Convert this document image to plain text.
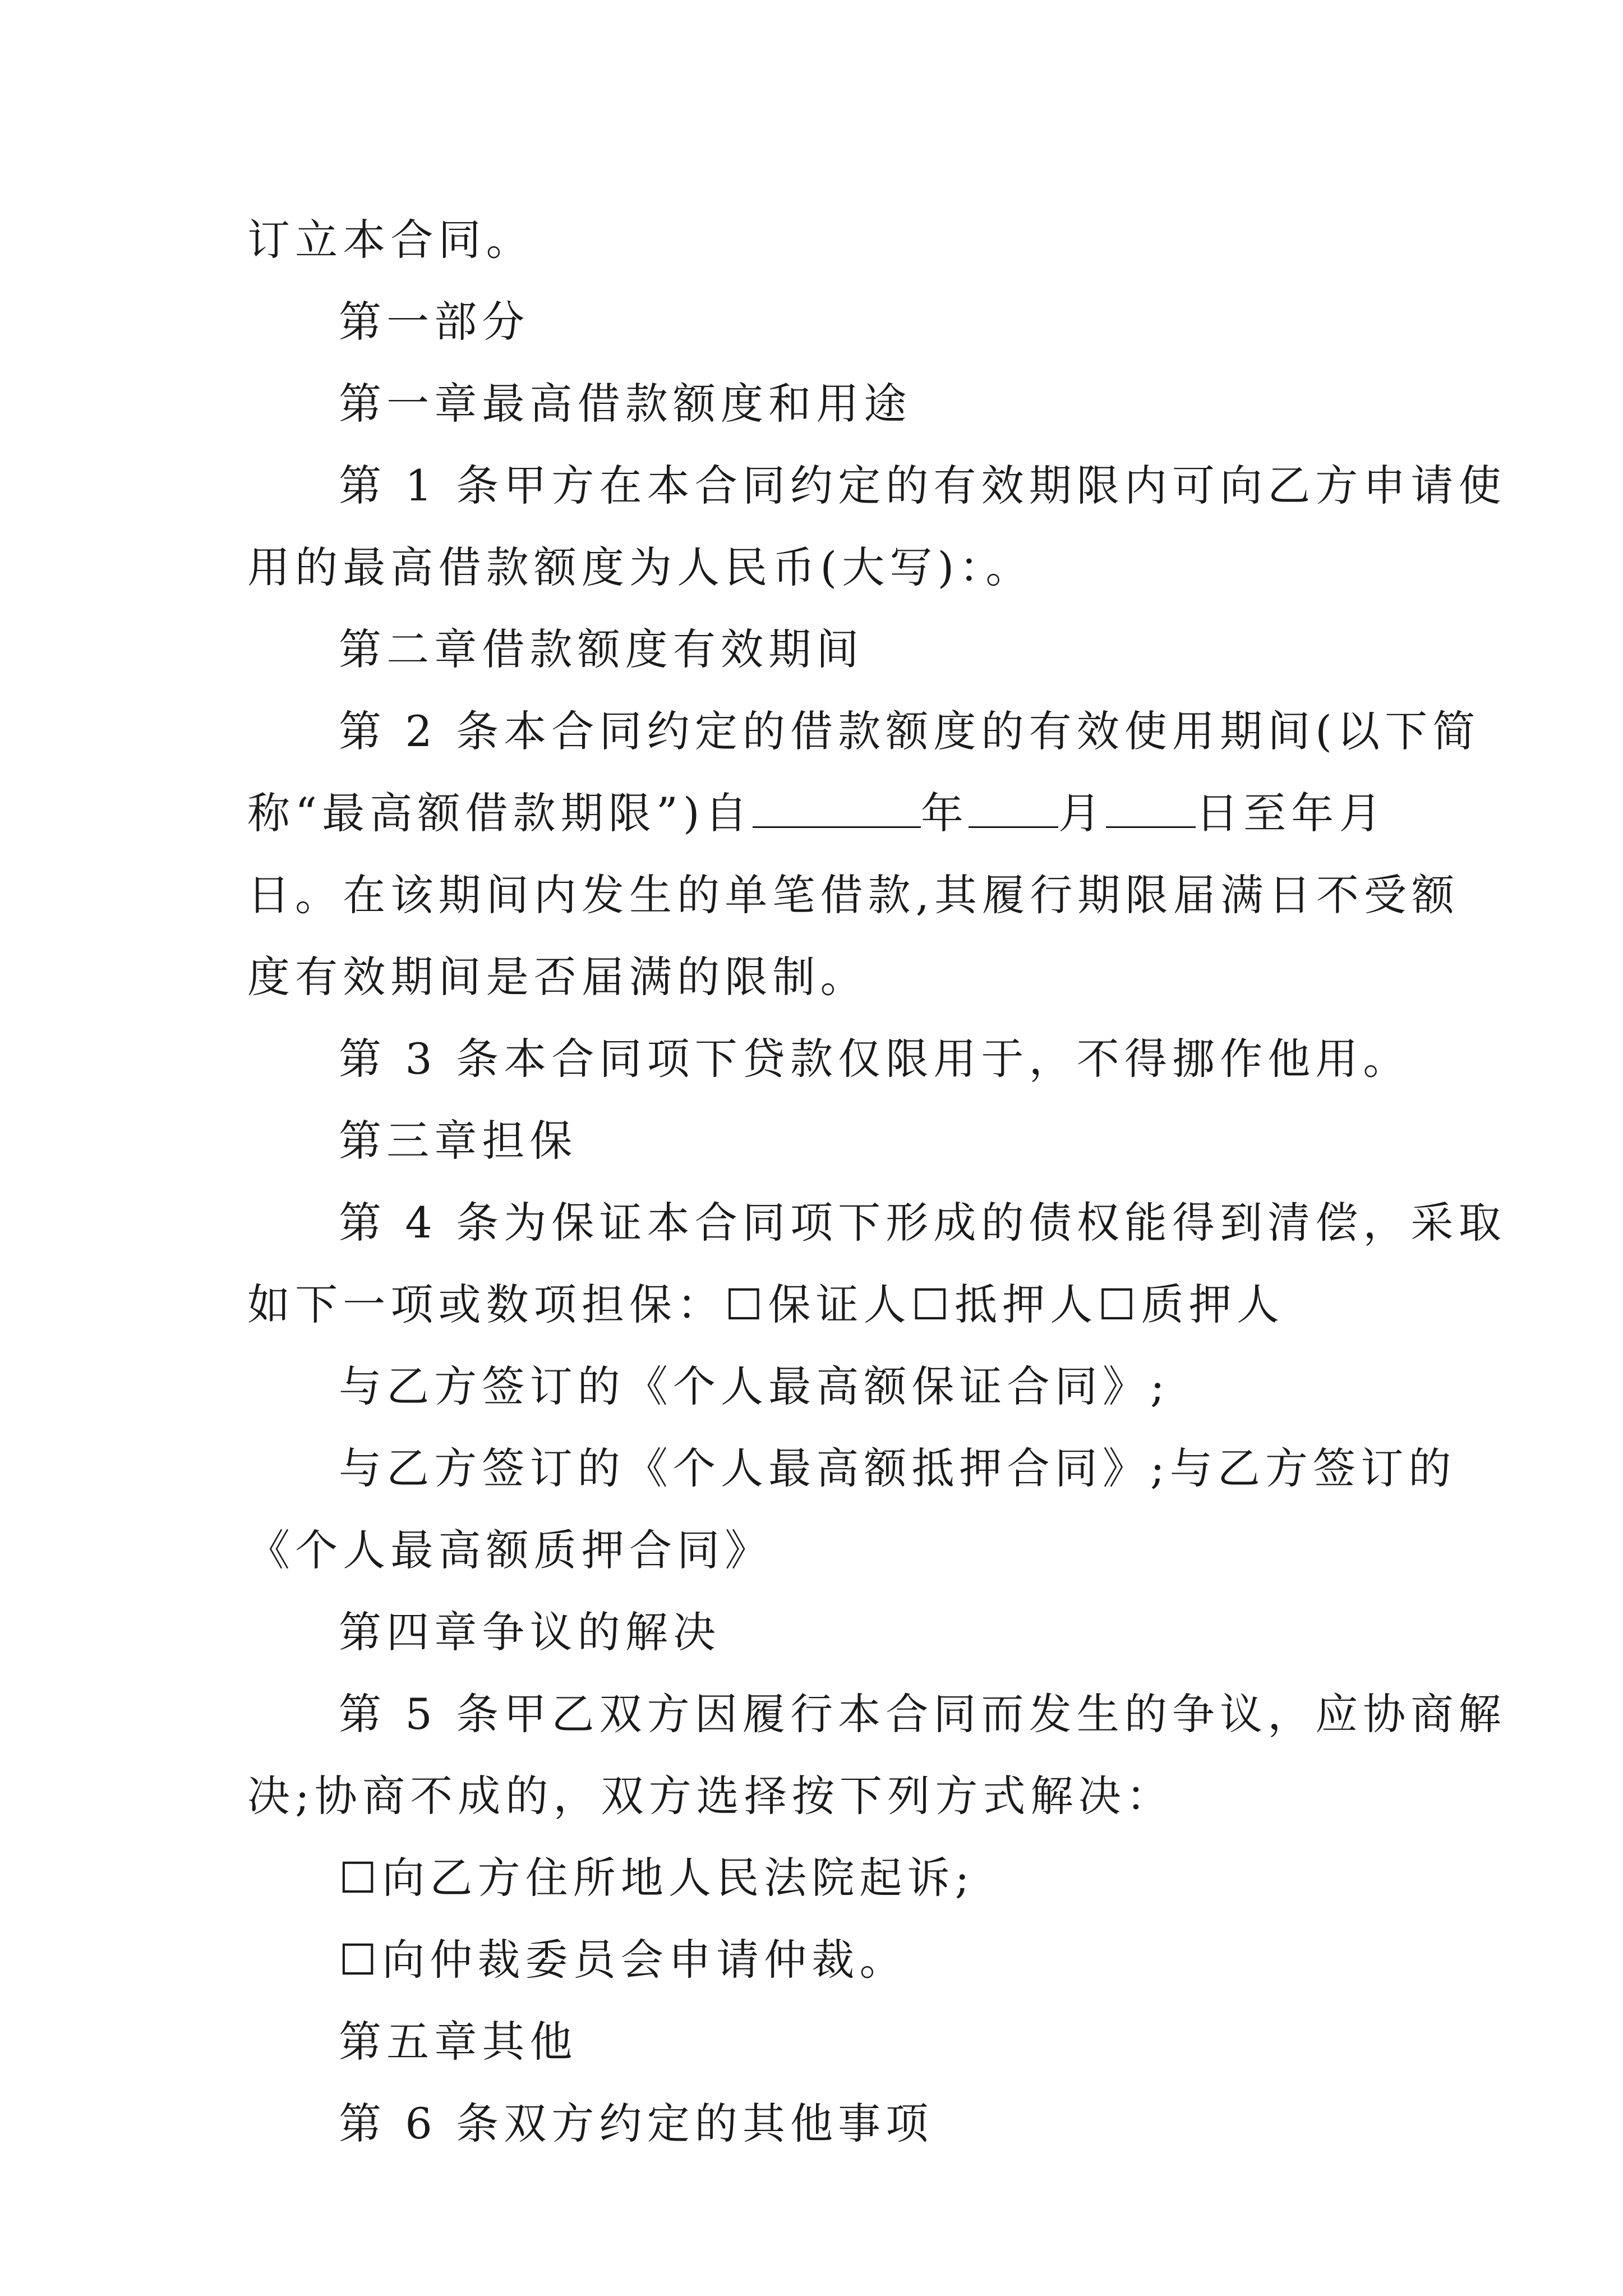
订立本合同。
第一部分
第一章最高借款额度和用途
第 1 条甲方在本合同约定的有效期限内可向乙方申请使
用的最高借款额度为人民币(大写)：。
第二章借款额度有效期间
第 2 条本合同约定的借款额度的有效使用期间(以下简
称“最高额借款期限”)自	年 月 日至年月
日。在该期间内发生的单笔借款,其履行期限届满日不受额
度有效期间是否届满的限制。
第 3 条本合同项下贷款仅限用于，不得挪作他用。
第三章担保
第 4 条为保证本合同项下形成的债权能得到清偿，采取
如下一项或数项担保：☐保证人☐抵押人☐质押人
与乙方签订的《个人最高额保证合同》;
与乙方签订的《个人最高额抵押合同》;与乙方签订的
《个人最高额质押合同》
第四章争议的解决
第 5 条甲乙双方因履行本合同而发生的争议，应协商解
决;协商不成的，双方选择按下列方式解决：
☐向乙方住所地人民法院起诉;
☐向仲裁委员会申请仲裁。
第五章其他
第 6 条双方约定的其他事项
